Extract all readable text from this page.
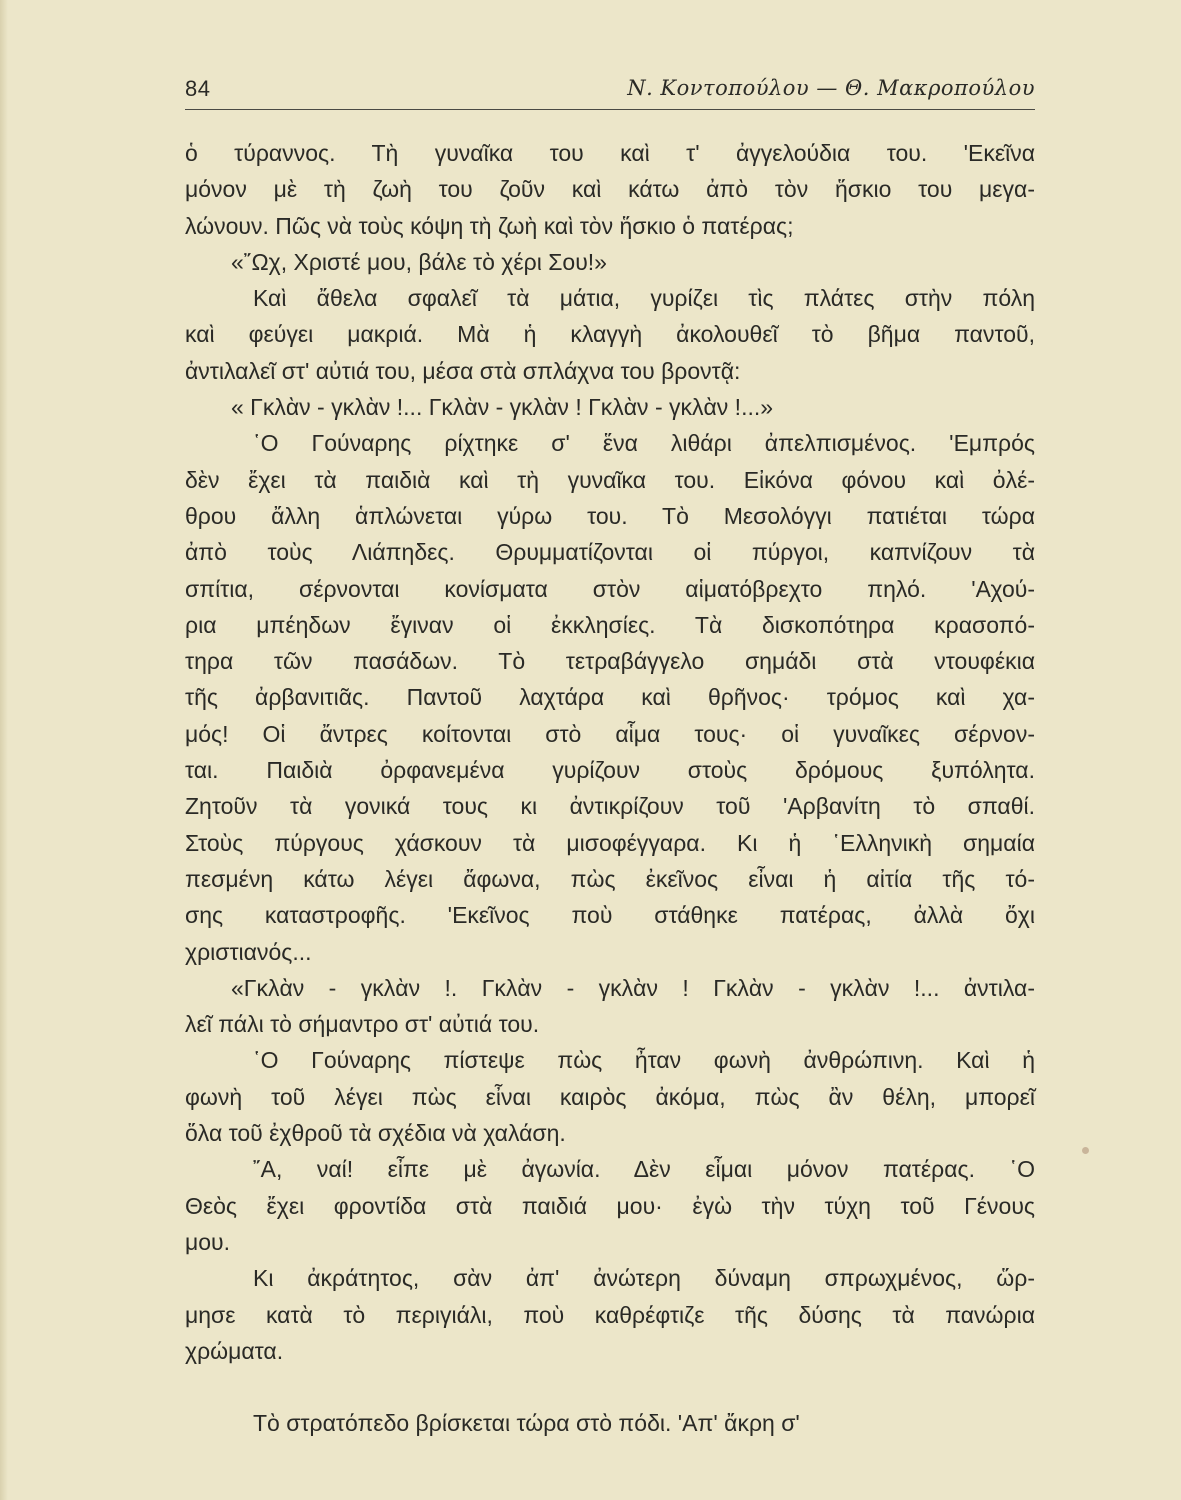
84	Ν. Κοντοπούλου — Θ. Μακροπούλου
ὁ τύραννος. Τὴ γυναῖκα του καὶ τ' ἀγγελούδια του. 'Εκεῖνα
μόνον μὲ τὴ ζωὴ του ζοῦν καὶ κάτω ἀπὸ τὸν ἥσκιο του μεγα-
λώνουν. Πῶς νὰ τοὺς κόψη τὴ ζωὴ καὶ τὸν ἥσκιο ὁ πατέρας;
«῎Ωχ, Χριστέ μου, βάλε τὸ χέρι Σου!»
Καὶ ἄθελα σφαλεῖ τὰ μάτια, γυρίζει τὶς πλάτες στὴν πόλη
καὶ φεύγει μακριά. Μὰ ἡ κλαγγὴ ἀκολουθεῖ τὸ βῆμα παντοῦ,
ἀντιλαλεῖ στ' αὐτιά του, μέσα στὰ σπλάχνα του βροντᾷ:
« Γκλὰν - γκλὰν !... Γκλὰν - γκλὰν ! Γκλὰν - γκλὰν !...»
῾Ο Γούναρης ρίχτηκε σ' ἕνα λιθάρι ἀπελπισμένος. 'Εμπρός
δὲν ἔχει τὰ παιδιὰ καὶ τὴ γυναῖκα του. Εἰκόνα φόνου καὶ ὀλέ-
θρου ἄλλη ἁπλώνεται γύρω του. Τὸ Μεσολόγγι πατιέται τώρα
ἀπὸ τοὺς Λιάπηδες. Θρυμματίζονται οἱ πύργοι, καπνίζουν τὰ
σπίτια, σέρνονται κονίσματα στὸν αἱματόβρεχτο πηλό. 'Αχού-
ρια μπέηδων ἔγιναν οἱ ἐκκλησίες. Τὰ δισκοπότηρα κρασοπό-
τηρα τῶν πασάδων. Τὸ τετραβάγγελο σημάδι στὰ ντουφέκια
τῆς ἀρβανιτιᾶς. Παντοῦ λαχτάρα καὶ θρῆνος· τρόμος καὶ χα-
μός! Οἱ ἄντρες κοίτονται στὸ αἷμα τους· οἱ γυναῖκες σέρνον-
ται. Παιδιὰ ὀρφανεμένα γυρίζουν στοὺς δρόμους ξυπόλητα.
Ζητοῦν τὰ γονικά τους κι ἀντικρίζουν τοῦ 'Αρβανίτη τὸ σπαθί.
Στοὺς πύργους χάσκουν τὰ μισοφέγγαρα. Κι ἡ ῾Ελληνικὴ σημαία
πεσμένη κάτω λέγει ἄφωνα, πὼς ἐκεῖνος εἶναι ἡ αἰτία τῆς τό-
σης καταστροφῆς. 'Εκεῖνος ποὺ στάθηκε πατέρας, ἀλλὰ ὄχι
χριστιανός...
«Γκλὰν - γκλὰν !. Γκλὰν - γκλὰν ! Γκλὰν - γκλὰν !... ἀντιλα-
λεῖ πάλι τὸ σήμαντρο στ' αὐτιά του.
῾Ο Γούναρης πίστεψε πὼς ἦταν φωνὴ ἀνθρώπινη. Καὶ ἡ
φωνὴ τοῦ λέγει πὼς εἶναι καιρὸς ἀκόμα, πὼς ἂν θέλη, μπορεῖ
ὅλα τοῦ ἐχθροῦ τὰ σχέδια νὰ χαλάση.
῎Α, ναί! εἶπε μὲ ἀγωνία. Δὲν εἶμαι μόνον πατέρας. ῾Ο
Θεὸς ἔχει φροντίδα στὰ παιδιά μου· ἐγὼ τὴν τύχη τοῦ Γένους
μου.
Κι ἀκράτητος, σὰν ἀπ' ἀνώτερη δύναμη σπρωχμένος, ὥρ-
μησε κατὰ τὸ περιγιάλι, ποὺ καθρέφτιζε τῆς δύσης τὰ πανώρια
χρώματα.
Τὸ στρατόπεδο βρίσκεται τώρα στὸ πόδι. 'Απ' ἄκρη σ'
